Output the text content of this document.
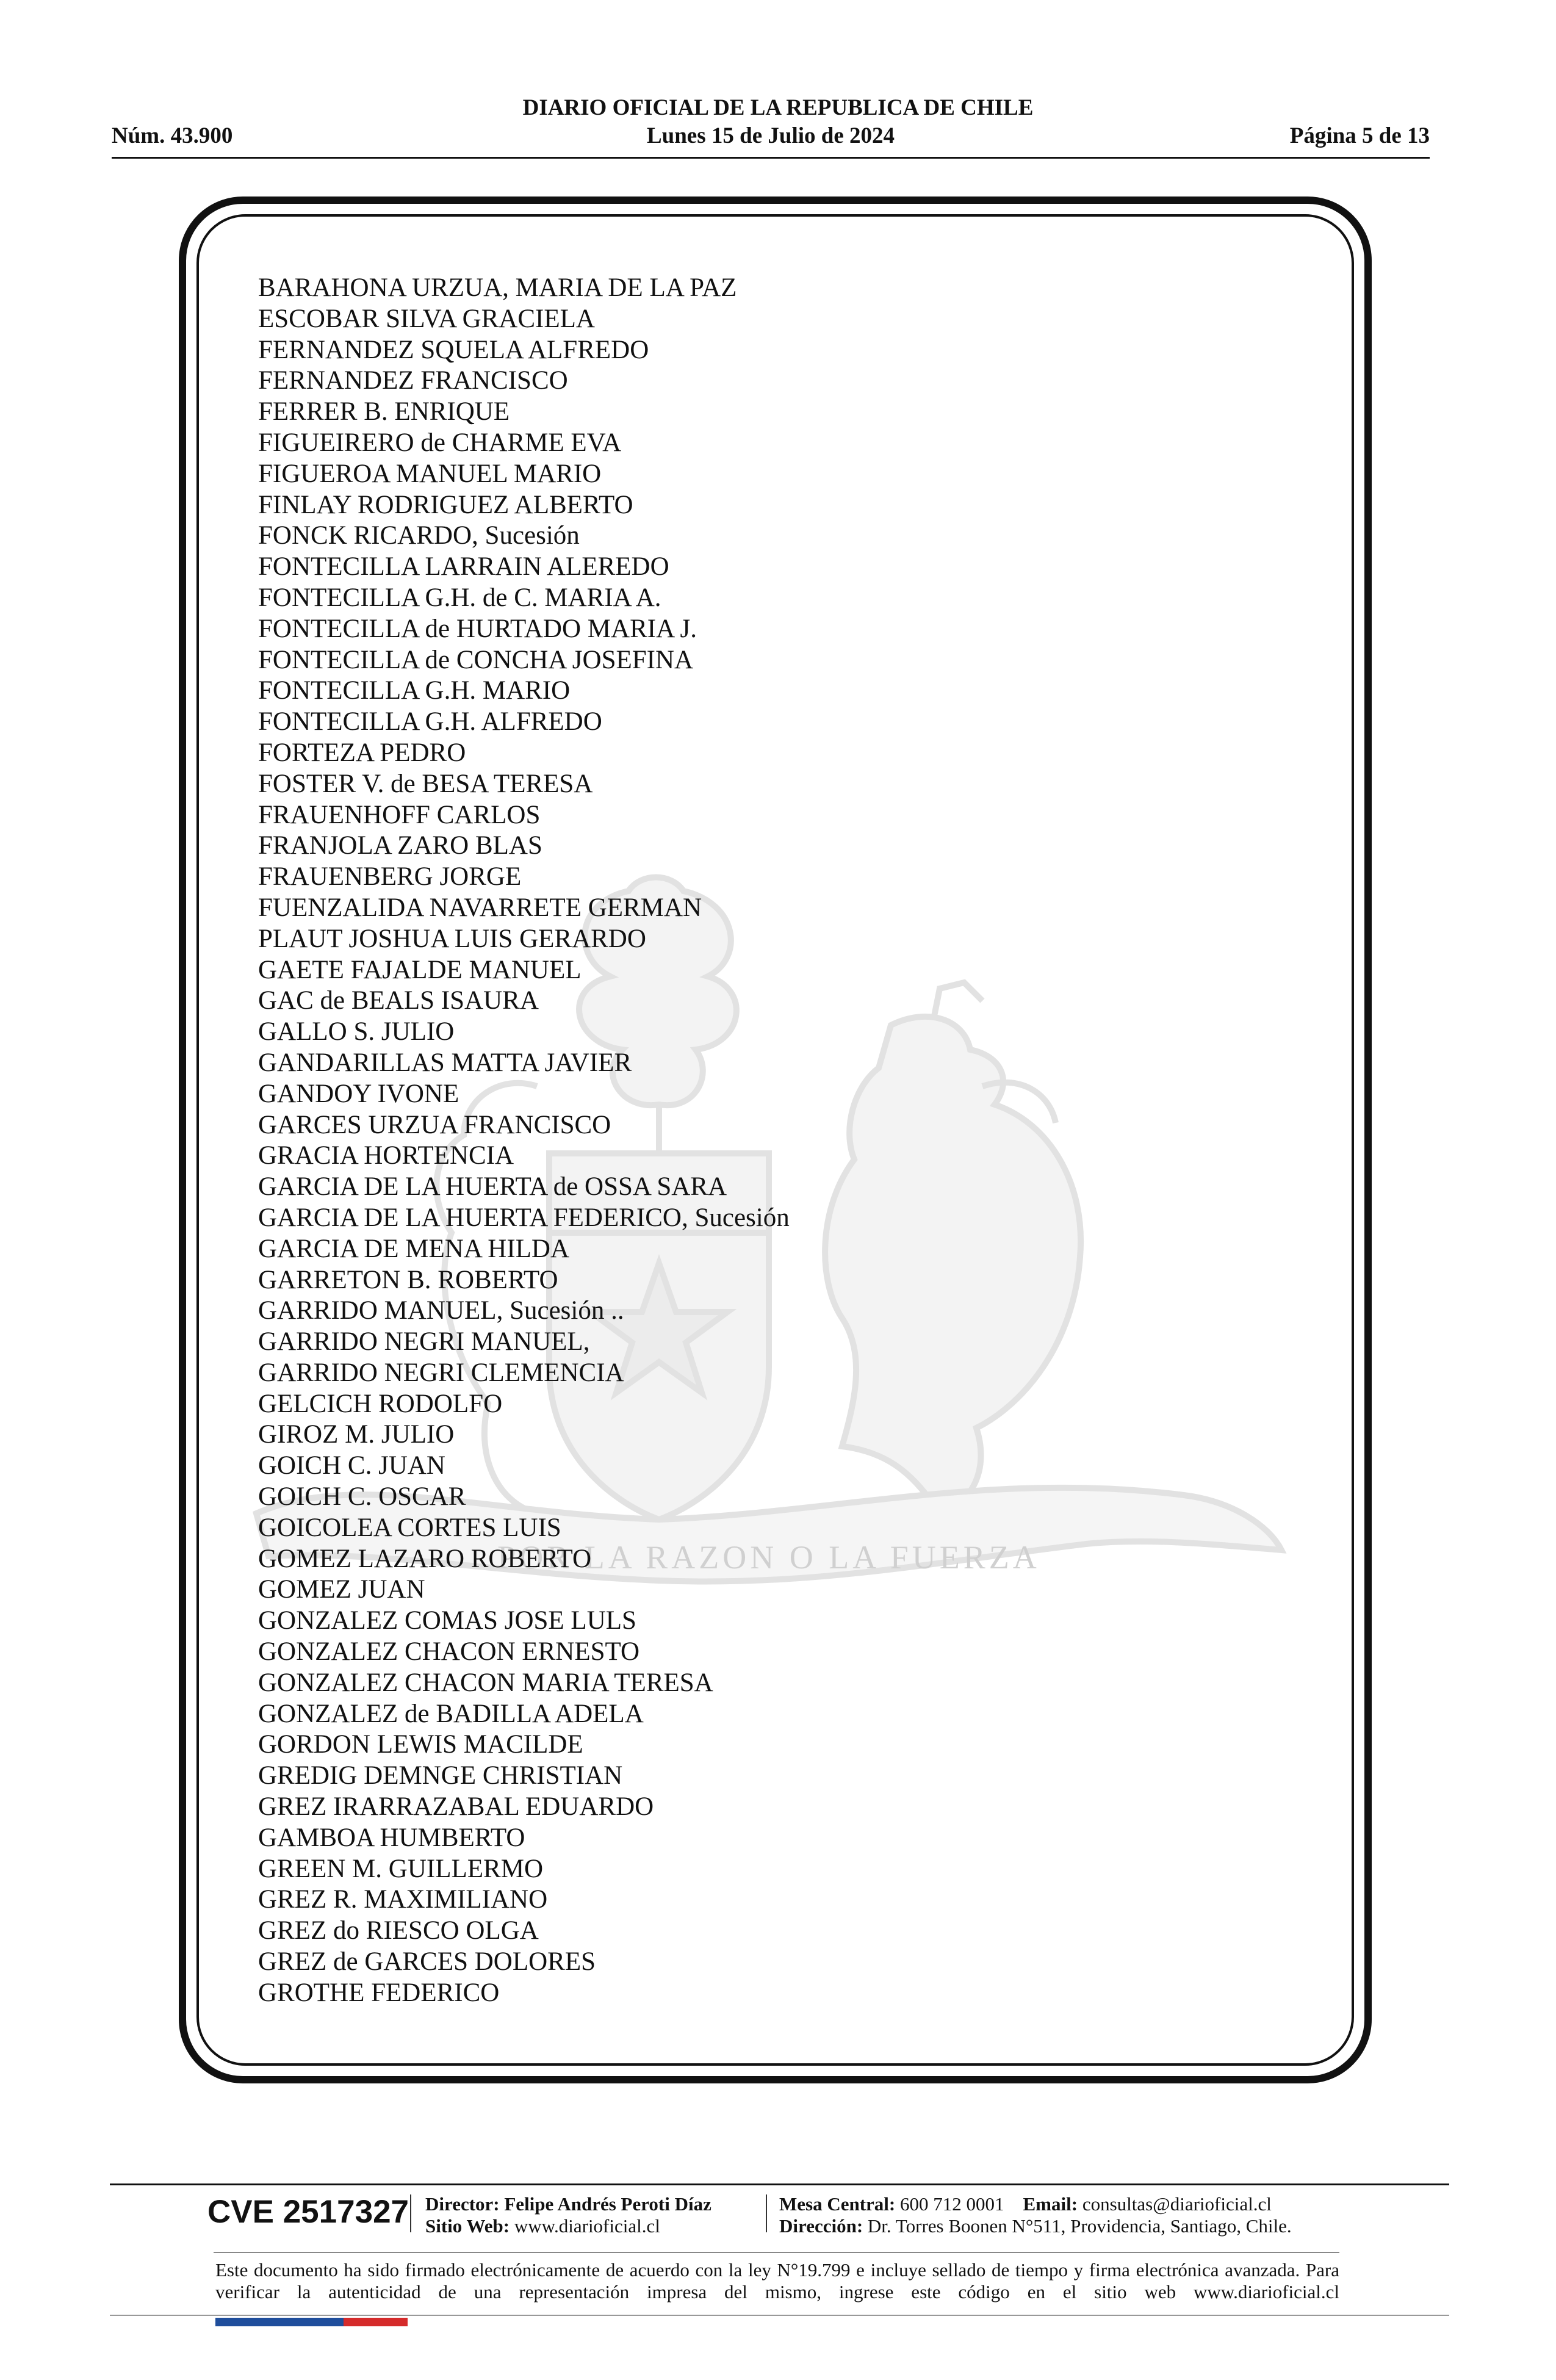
DIARIO OFICIAL DE LA REPUBLICA DE CHILE
Núm. 43.900	Lunes 15 de Julio de 2024	Página 5 de 13
POR LA RAZON O LA FUERZA
BARAHONA URZUA, MARIA DE LA PAZ
ESCOBAR SILVA GRACIELA
FERNANDEZ SQUELA ALFREDO
FERNANDEZ FRANCISCO
FERRER B. ENRIQUE
FIGUEIRERO de CHARME EVA
FIGUEROA MANUEL MARIO
FINLAY RODRIGUEZ ALBERTO
FONCK RICARDO, Sucesión
FONTECILLA LARRAIN ALEREDO
FONTECILLA G.H. de C. MARIA A.
FONTECILLA de HURTADO MARIA J.
FONTECILLA de CONCHA JOSEFINA
FONTECILLA G.H. MARIO
FONTECILLA G.H. ALFREDO
FORTEZA PEDRO
FOSTER V. de BESA TERESA
FRAUENHOFF CARLOS
FRANJOLA ZARO BLAS
FRAUENBERG JORGE
FUENZALIDA NAVARRETE GERMAN
PLAUT JOSHUA LUIS GERARDO
GAETE FAJALDE MANUEL
GAC de BEALS ISAURA
GALLO S. JULIO
GANDARILLAS MATTA JAVIER
GANDOY IVONE
GARCES URZUA FRANCISCO
GRACIA HORTENCIA
GARCIA DE LA HUERTA de OSSA SARA
GARCIA DE LA HUERTA FEDERICO, Sucesión
GARCIA DE MENA HILDA
GARRETON B. ROBERTO
GARRIDO MANUEL, Sucesión ..
GARRIDO NEGRI MANUEL,
GARRIDO NEGRI CLEMENCIA
GELCICH RODOLFO
GIROZ M. JULIO
GOICH C. JUAN
GOICH C. OSCAR
GOICOLEA CORTES LUIS
GOMEZ LAZARO ROBERTO
GOMEZ JUAN
GONZALEZ COMAS JOSE LULS
GONZALEZ CHACON ERNESTO
GONZALEZ CHACON MARIA TERESA
GONZALEZ de BADILLA ADELA
GORDON LEWIS MACILDE
GREDIG DEMNGE CHRISTIAN
GREZ IRARRAZABAL EDUARDO
GAMBOA HUMBERTO
GREEN M. GUILLERMO
GREZ R. MAXIMILIANO
GREZ do RIESCO OLGA
GREZ de GARCES DOLORES
GROTHE FEDERICO
CVE 2517327 Director: Felipe Andrés Peroti Díaz
Sitio Web: www.diarioficial.cl
Mesa Central: 600 712 0001 Email: consultas@diarioficial.cl
Dirección: Dr. Torres Boonen N°511, Providencia, Santiago, Chile.
Este documento ha sido firmado electrónicamente de acuerdo con la ley N°19.799 e incluye sellado de tiempo y firma electrónica avanzada. Para verificar la autenticidad de una representación impresa del mismo, ingrese este código en el sitio web www.diarioficial.cl
